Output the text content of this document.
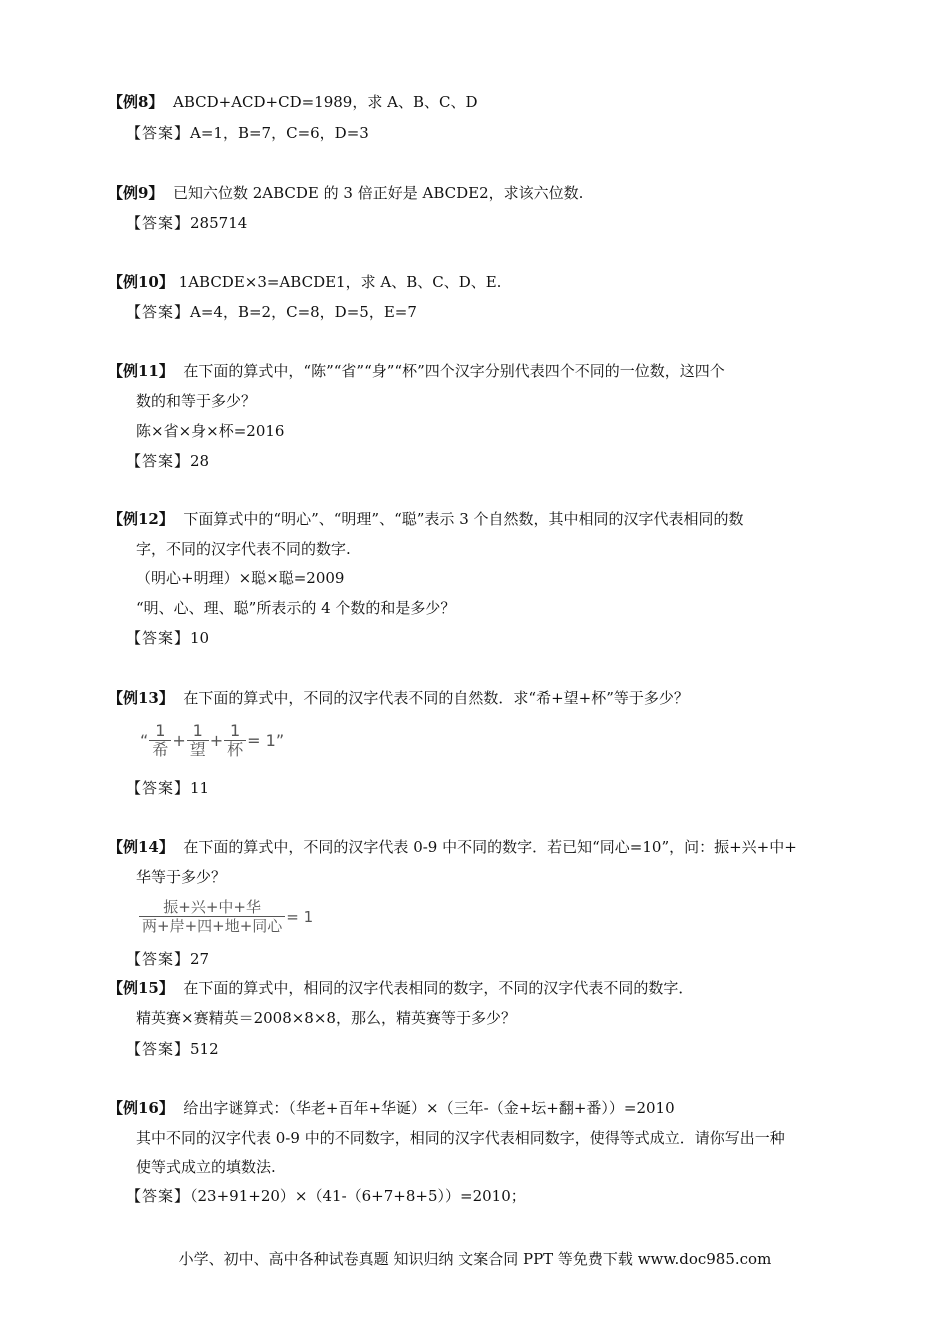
【例8】 ABCD+ACD+CD=1989，求 A、B、C、D
【答案】A=1，B=7，C=6，D=3
【例9】 已知六位数 2ABCDE 的 3 倍正好是 ABCDE2，求该六位数.
【答案】285714
【例10】 1ABCDE×3=ABCDE1，求 A、B、C、D、E.
【答案】A=4，B=2，C=8，D=5，E=7
【例11】 在下面的算式中，“陈”“省”“身”“杯”四个汉字分别代表四个不同的一位数，这四个
数的和等于多少？
陈×省×身×杯=2016
【答案】28
【例12】 下面算式中的“明心”、“明理”、“聪”表示 3 个自然数，其中相同的汉字代表相同的数
字，不同的汉字代表不同的数字.
（明心+明理）×聪×聪=2009
“明、心、理、聪”所表示的 4 个数的和是多少？
【答案】10
【例13】 在下面的算式中，不同的汉字代表不同的自然数．求“希+望+杯”等于多少？
“ $\frac{1}{\text{希}} + \frac{1}{\text{望}} + \frac{1}{\text{杯}} = 1$”
【答案】11
【例14】 在下面的算式中，不同的汉字代表 0-9 中不同的数字．若已知“同心=10”，问：振+兴+中+
华等于多少？
$\frac{\text{振+兴+中+华}}{\text{两+岸+四+地+同心}} = 1$
【答案】27
【例15】 在下面的算式中，相同的汉字代表相同的数字，不同的汉字代表不同的数字．
精英赛×赛精英＝2008×8×8，那么，精英赛等于多少？
【答案】512
【例16】 给出字谜算式：（华老+百年+华诞）×（三年-（金+坛+翻+番））=2010
其中不同的汉字代表 0-9 中的不同数字，相同的汉字代表相同数字，使得等式成立．请你写出一种
使等式成立的填数法.
【答案】（23+91+20）×（41-（6+7+8+5））=2010；
小学、初中、高中各种试卷真题 知识归纳 文案合同 PPT 等免费下载 www.doc985.com
